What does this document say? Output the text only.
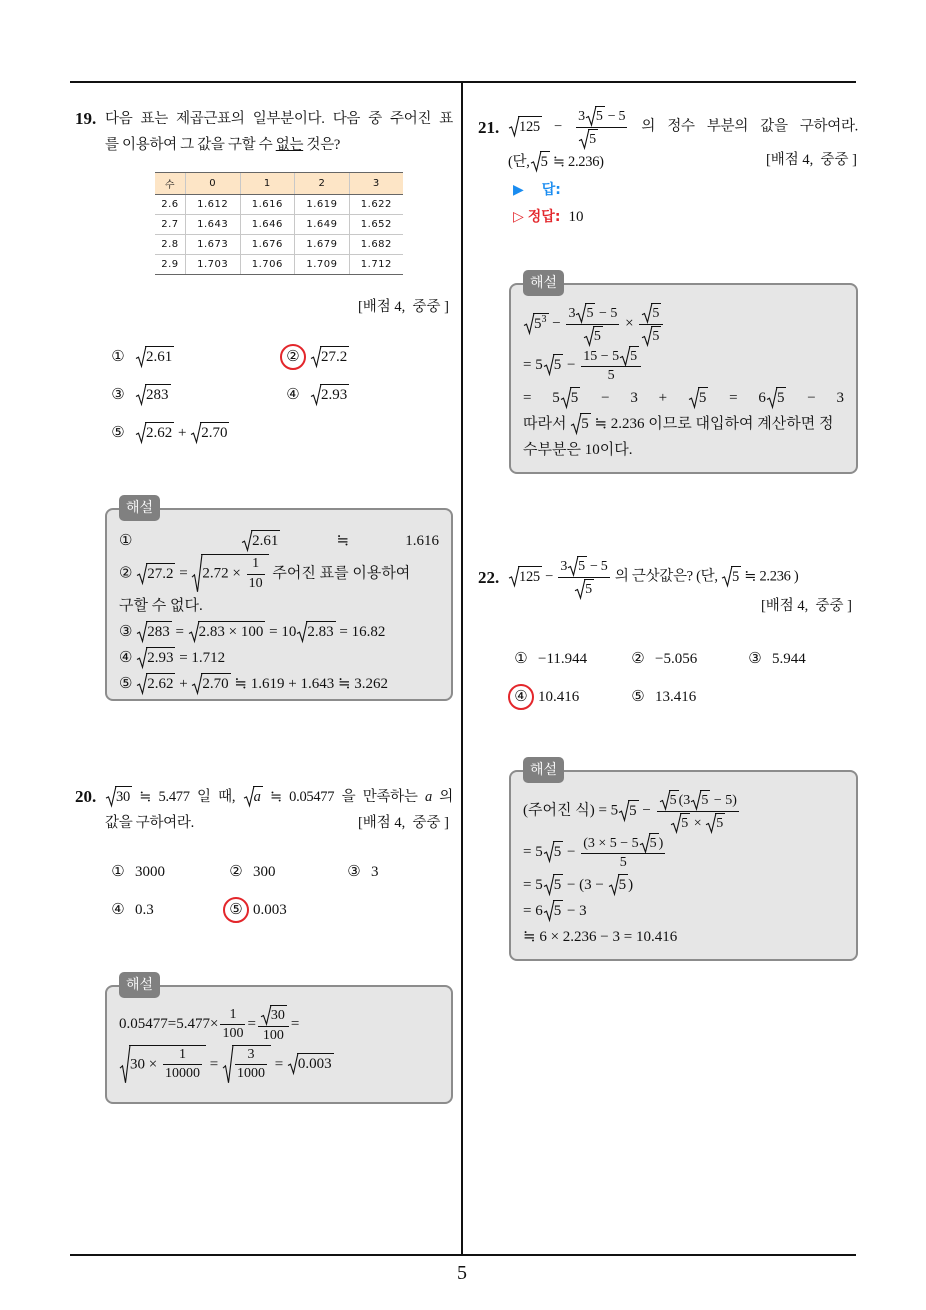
5
19. 다음 표는 제곱근표의 일부분이다. 다음 중 주어진 표
를 이용하여 그 값을 구할 수 없는 것은?
수	0	1	2	3
2.6	1.612	1.616	1.619	1.622
2.7	1.643	1.646	1.649	1.652
2.8	1.673	1.676	1.679	1.682
2.9	1.703	1.706	1.709	1.712
[배점 4,  중중 ]
① 2.61	② 27.2
③ 283	④ 2.93
⑤ 2.62 +
2.70
해설
①
2.61 ≒ 1.616
②
27.2 =
$2.72 \times \frac{1}{10}$ 주어진 표를 이용하여
구할 수 없다.
③
283 =
2.83 × 100 = 10 2.83 = 16.82
④
2.93 = 1.712
⑤
2.62 +
2.70 ≒ 1.619 + 1.643 ≒ 3.262
20.	30 ≒ 5.477 일 때,
a ≒ 0.05477 을 만족하는 a 의
값을 구하여라.	[배점 4,  중중 ]
① 3000	② 300	③ 3
④ 0.3	⑤ 0.003
해설
$0.05477=5.477\times \frac{1}{100} = \frac{30}{100}$ =
$30 \times \frac{1}{10000} = \frac{3}{1000}$ =
0.003
21.	$125 - \frac{3 5 - 5}{5}$ 의 정수 부분의 값을 구하여라.
(단, 5 ≒ 2.236)	[배점 4,  중중 ]
▶ 답:
▷ 정답: 10
해설
$5^3 - \frac{3 5 - 5}{5} \times \frac{5}{5}$
= 5 $5 - \frac{15 - 5 5}{5}$
= 5 5 − 3 +
5 = 6 5 − 3
따라서
5 ≒ 2.236 이므로 대입하여 계산하면 정
수부분은 10이다.
22.	$125 - \frac{3 5 - 5}{5}$ 의 근삿값은? (단,
5 ≒ 2.236 )
[배점 4,  중중 ]
① −11.944	② −5.056	③ 5.944
④ 10.416	⑤ 13.416
해설
(주어진 식) = 5 5 − 5 (3 5 − 5)
5 ×
5
= 5 $5 - \frac{(3 \times 5 - 5 5 )}{5}$
= 5 5 − (3 −
5 )
= 6 5 − 3
≒ 6 × 2.236 − 3 = 10.416
